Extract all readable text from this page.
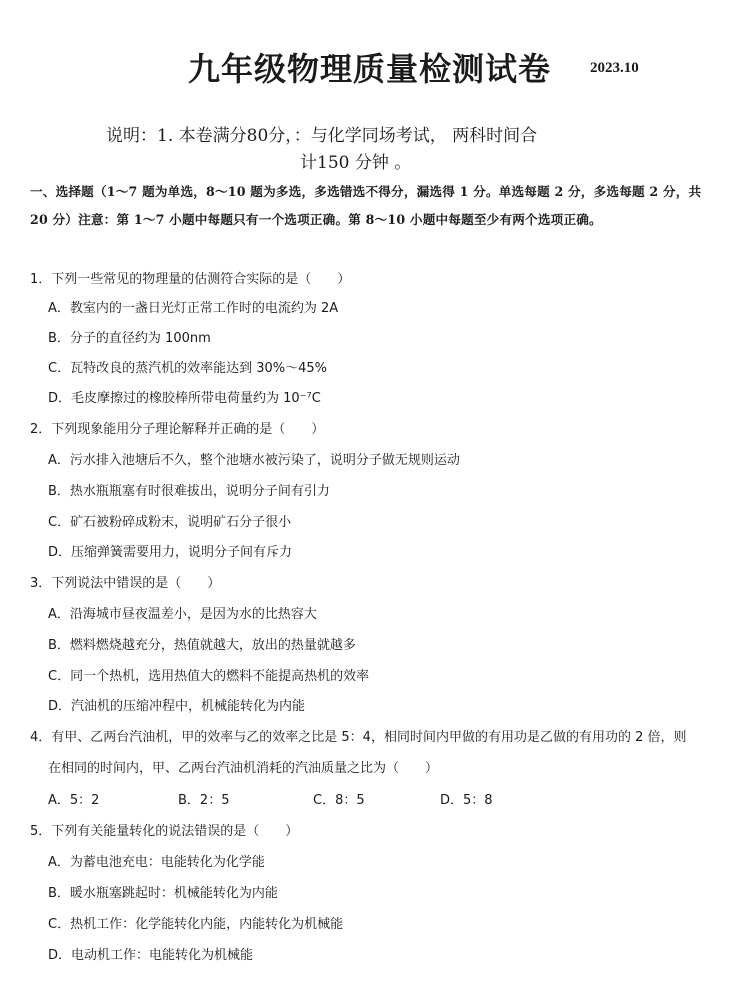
九年级物理质量检测试卷	2023.10
说明：1. 本卷满分80分，：与化学同场考试， 两科时间合
计150 分钟 。
一、选择题（1～7 题为单选，8～10 题为多选，多选错选不得分，漏选得 1 分。单选每题 2 分，多选每题 2 分，共 20 分）注意：第 1～7 小题中每题只有一个选项正确。第 8～10 小题中每题至少有两个选项正确。
1．下列一些常见的物理量的估测符合实际的是（　　）
A．教室内的一盏日光灯正常工作时的电流约为 2A
B．分子的直径约为 100nm
C．瓦特改良的蒸汽机的效率能达到 30%～45%
D．毛皮摩擦过的橡胶棒所带电荷量约为 10⁻⁷C
2．下列现象能用分子理论解释并正确的是（　　）
A．污水排入池塘后不久，整个池塘水被污染了，说明分子做无规则运动
B．热水瓶瓶塞有时很难拔出，说明分子间有引力
C．矿石被粉碎成粉末，说明矿石分子很小
D．压缩弹簧需要用力，说明分子间有斥力
3．下列说法中错误的是（　　）
A．沿海城市昼夜温差小，是因为水的比热容大
B．燃料燃烧越充分，热值就越大，放出的热量就越多
C．同一个热机，选用热值大的燃料不能提高热机的效率
D．汽油机的压缩冲程中，机械能转化为内能
4．有甲、乙两台汽油机，甲的效率与乙的效率之比是 5：4，相同时间内甲做的有用功是乙做的有用功的 2 倍，则
在相同的时间内，甲、乙两台汽油机消耗的汽油质量之比为（　　）
A．5：2	B．2：5	C．8：5	D．5：8
5．下列有关能量转化的说法错误的是（　　）
A．为蓄电池充电：电能转化为化学能
B．暖水瓶塞跳起时：机械能转化为内能
C．热机工作：化学能转化内能，内能转化为机械能
D．电动机工作：电能转化为机械能
